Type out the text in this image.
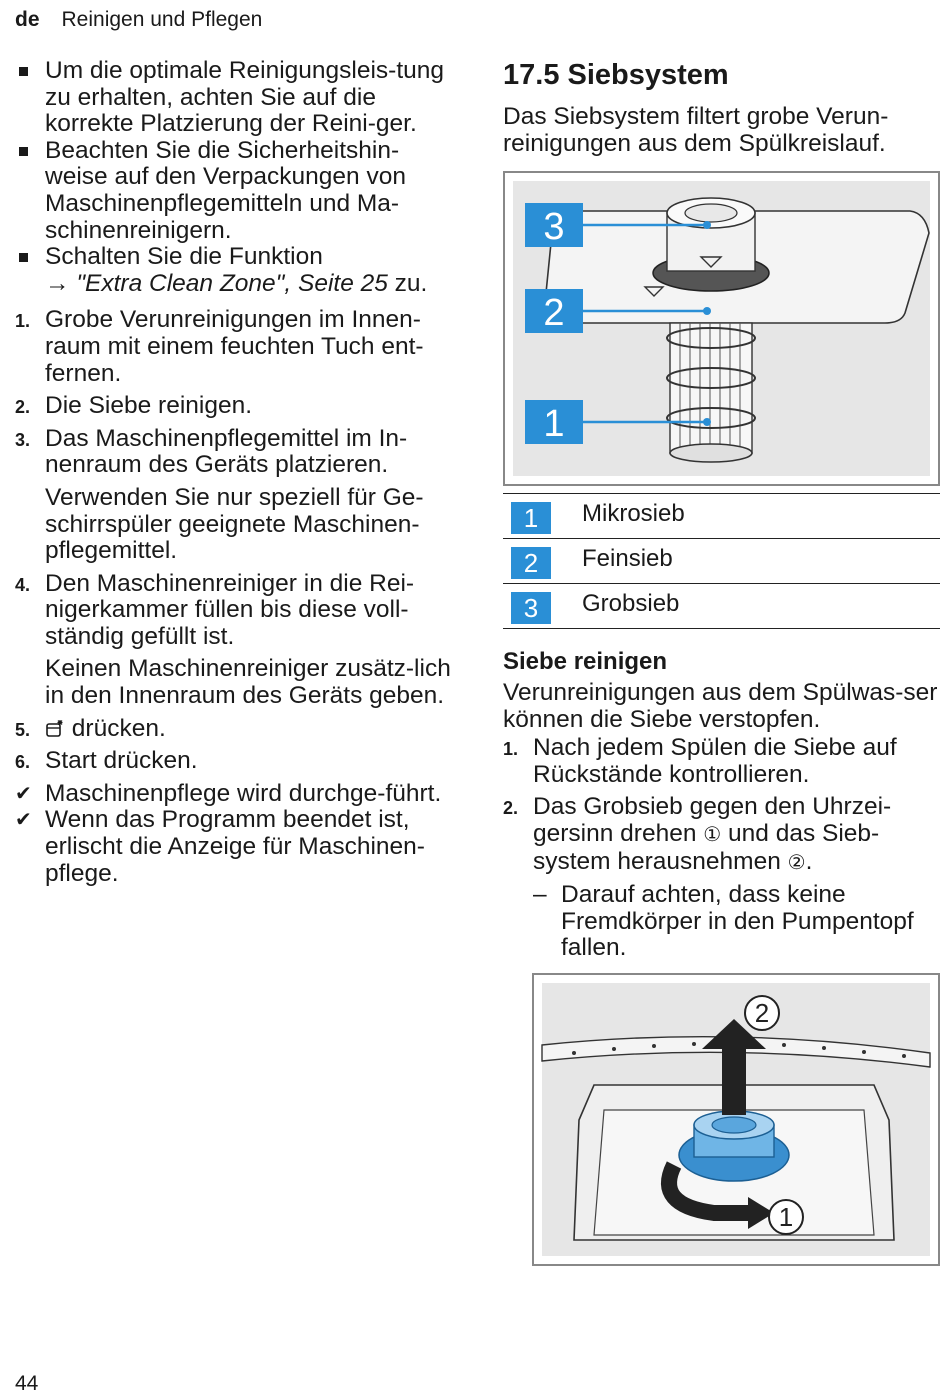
de Reinigen und Pflegen
Um die optimale Reinigungsleis-tung zu erhalten, achten Sie auf die korrekte Platzierung der Reini-ger.
Beachten Sie die Sicherheitshin-weise auf den Verpackungen von Maschinenpflegemitteln und Ma-schinenreinigern.
Schalten Sie die Funktion
→ "Extra Clean Zone", Seite 25 zu.
1. Grobe Verunreinigungen im Innen-raum mit einem feuchten Tuch ent-fernen.
2. Die Siebe reinigen.
3. Das Maschinenpflegemittel im In-nenraum des Geräts platzieren.
Verwenden Sie nur speziell für Ge-schirrspüler geeignete Maschinen-pflegemittel.
4. Den Maschinenreiniger in die Rei-nigerkammer füllen bis diese voll-ständig gefüllt ist.
Keinen Maschinenreiniger zusätz-lich in den Innenraum des Geräts geben.
5. drücken.
6. Start drücken.
✔ Maschinenpflege wird durchge-führt.
✔ Wenn das Programm beendet ist, erlischt die Anzeige für Maschinen-pflege.
17.5 Siebsystem
Das Siebsystem filtert grobe Verun-reinigungen aus dem Spülkreislauf.
3
2
1
1	Mikrosieb
2	Feinsieb
3	Grobsieb
Siebe reinigen
Verunreinigungen aus dem Spülwas-ser können die Siebe verstopfen.
1. Nach jedem Spülen die Siebe auf Rückstände kontrollieren.
2. Das Grobsieb gegen den Uhrzei-gersinn drehen ① und das Sieb-system herausnehmen ②.
– Darauf achten, dass keine Fremdkörper in den Pumpentopf fallen.
2
1
44
